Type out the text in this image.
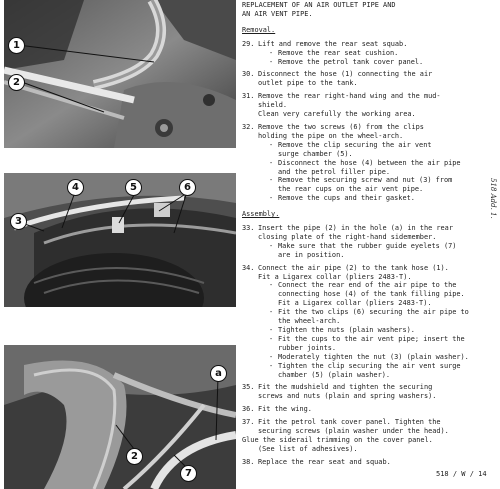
1
2
3
4	5	6
2
7
a
REPLACEMENT OF AN AIR OUTLET PIPE AND
AN AIR VENT PIPE.
Removal.
29. Lift and remove the rear seat squab.
- Remove the rear seat cushion.
- Remove the petrol tank cover panel.
30. Disconnect the hose (1) connecting the air
outlet pipe to the tank.
31. Remove the rear right-hand wing and the mud-
shield.
Clean very carefully the working area.
32. Remove the two screws (6) from the clips
holding the pipe on the wheel-arch.
- Remove the clip securing the air vent
surge chamber (5).
- Disconnect the hose (4) between the air pipe
and the petrol filler pipe.
- Remove the securing screw and nut (3) from
the rear cups on the air vent pipe.
- Remove the cups and their gasket.
Assembly.
33. Insert the pipe (2) in the hole (a) in the rear
closing plate of the right-hand sidemember.
- Make sure that the rubber guide eyelets (7)
are in position.
34. Connect the air pipe (2) to the tank hose (1).
Fit a Ligarex collar (pliers 2483-T).
- Connect the rear end of the air pipe to the
connecting hose (4) of the tank filling pipe.
Fit a Ligarex collar (pliers 2483-T).
- Fit the two clips (6) securing the air pipe to
the wheel-arch.
- Tighten the nuts (plain washers).
- Fit the cups to the air vent pipe; insert the
rubber joints.
- Moderately tighten the nut (3) (plain washer).
- Tighten the clip securing the air vent surge
chamber (5) (plain washer).
35. Fit the mudshield and tighten the securing
screws and nuts (plain and spring washers).
36. Fit the wing.
37. Fit the petrol tank cover panel. Tighten the
securing screws (plain washer under the head).
Glue the siderail trimming on the cover panel.
(See list of adhesives).
38. Replace the rear seat and squab.
518 Add. 1.
518 / W / 14
